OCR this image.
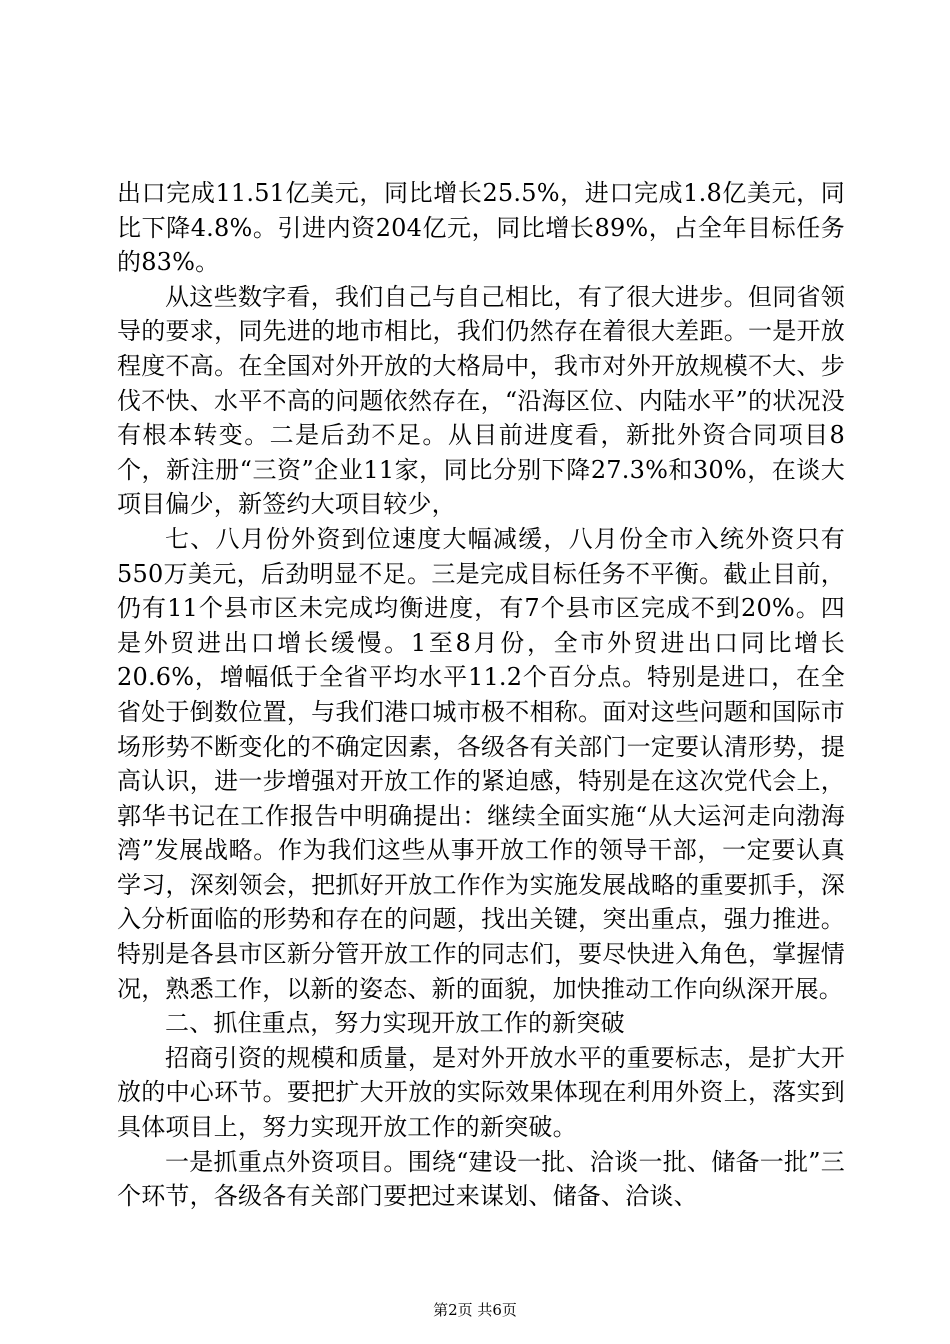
出口完成11.51亿美元，同比增长25.5%，进口完成1.8亿美元，同比下降4.8%。引进内资204亿元，同比增长89%，占全年目标任务的83%。

从这些数字看，我们自己与自己相比，有了很大进步。但同省领导的要求，同先进的地市相比，我们仍然存在着很大差距。一是开放程度不高。在全国对外开放的大格局中，我市对外开放规模不大、步伐不快、水平不高的问题依然存在，“沿海区位、内陆水平”的状况没有根本转变。二是后劲不足。从目前进度看，新批外资合同项目8个，新注册“三资”企业11家，同比分别下降27.3%和30%，在谈大项目偏少，新签约大项目较少，

七、八月份外资到位速度大幅减缓，八月份全市入统外资只有550万美元，后劲明显不足。三是完成目标任务不平衡。截止目前，仍有11个县市区未完成均衡进度，有7个县市区完成不到20%。四是外贸进出口增长缓慢。1至8月份，全市外贸进出口同比增长20.6%，增幅低于全省平均水平11.2个百分点。特别是进口，在全省处于倒数位置，与我们港口城市极不相称。面对这些问题和国际市场形势不断变化的不确定因素，各级各有关部门一定要认清形势，提高认识，进一步增强对开放工作的紧迫感，特别是在这次党代会上，郭华书记在工作报告中明确提出：继续全面实施“从大运河走向渤海湾”发展战略。作为我们这些从事开放工作的领导干部，一定要认真学习，深刻领会，把抓好开放工作作为实施发展战略的重要抓手，深入分析面临的形势和存在的问题，找出关键，突出重点，强力推进。特别是各县市区新分管开放工作的同志们，要尽快进入角色，掌握情况，熟悉工作，以新的姿态、新的面貌，加快推动工作向纵深开展。

二、抓住重点，努力实现开放工作的新突破

招商引资的规模和质量，是对外开放水平的重要标志，是扩大开放的中心环节。要把扩大开放的实际效果体现在利用外资上，落实到具体项目上，努力实现开放工作的新突破。

一是抓重点外资项目。围绕“建设一批、洽谈一批、储备一批”三个环节，各级各有关部门要把过来谋划、储备、洽谈、

第2页 共6页
